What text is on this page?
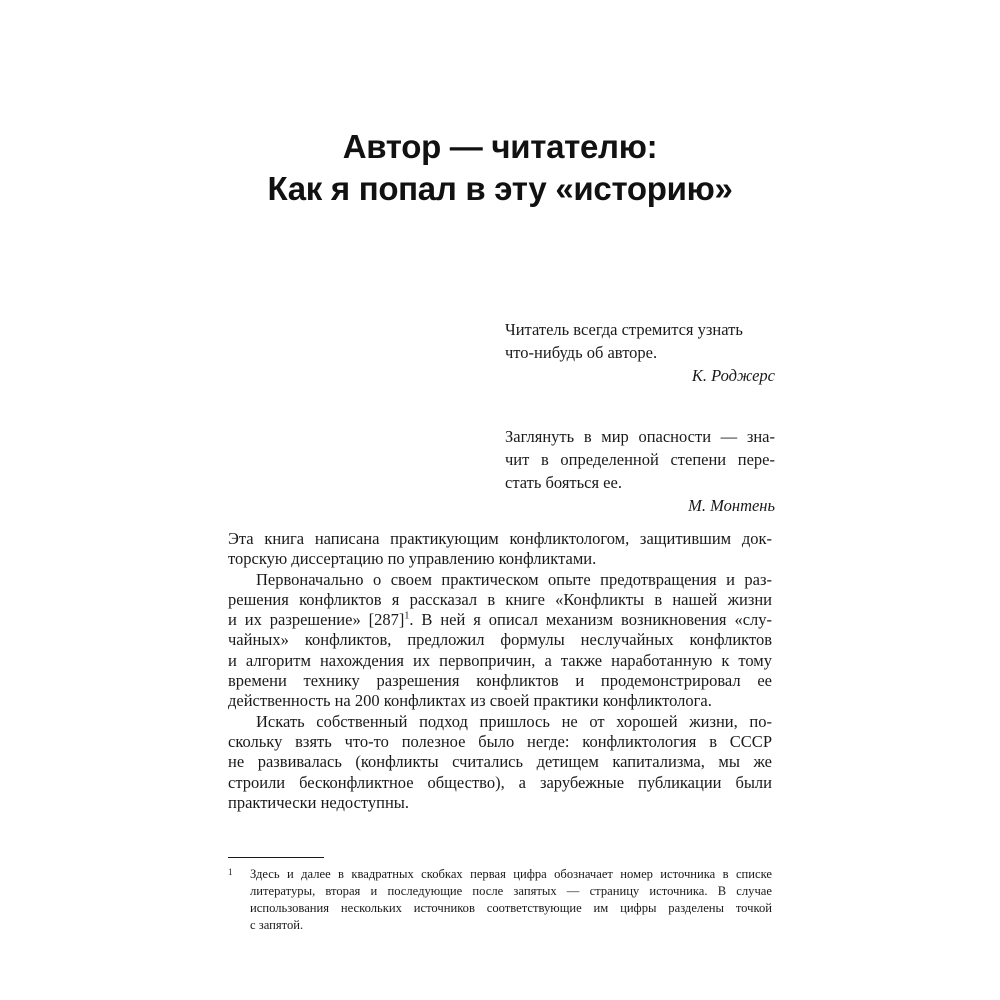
Автор — читателю:
Как я попал в эту «историю»
Читатель всегда стремится узнать
что-нибудь об авторе.
К. Роджерс
Заглянуть в мир опасности — зна-
чит в определенной степени пере-
стать бояться ее.
М. Монтень
Эта книга написана практикующим конфликтологом, защитившим док-
торскую диссертацию по управлению конфликтами.
Первоначально о своем практическом опыте предотвращения и раз-
решения конфликтов я рассказал в книге «Конфликты в нашей жизни
и их разрешение» $[287]^1$. В ней я описал механизм возникновения «слу-
чайных» конфликтов, предложил формулы неслучайных конфликтов
и алгоритм нахождения их первопричин, а также наработанную к тому
времени технику разрешения конфликтов и продемонстрировал ее
действенность на 200 конфликтах из своей практики конфликтолога.
Искать собственный подход пришлось не от хорошей жизни, по-
скольку взять что-то полезное было негде: конфликтология в СССР
не развивалась (конфликты считались детищем капитализма, мы же
строили бесконфликтное общество), а зарубежные публикации были
практически недоступны.
1	Здесь и далее в квадратных скобках первая цифра обозначает номер источника в списке
литературы, вторая и последующие после запятых — страницу источника. В случае
использования нескольких источников соответствующие им цифры разделены точкой
с запятой.
